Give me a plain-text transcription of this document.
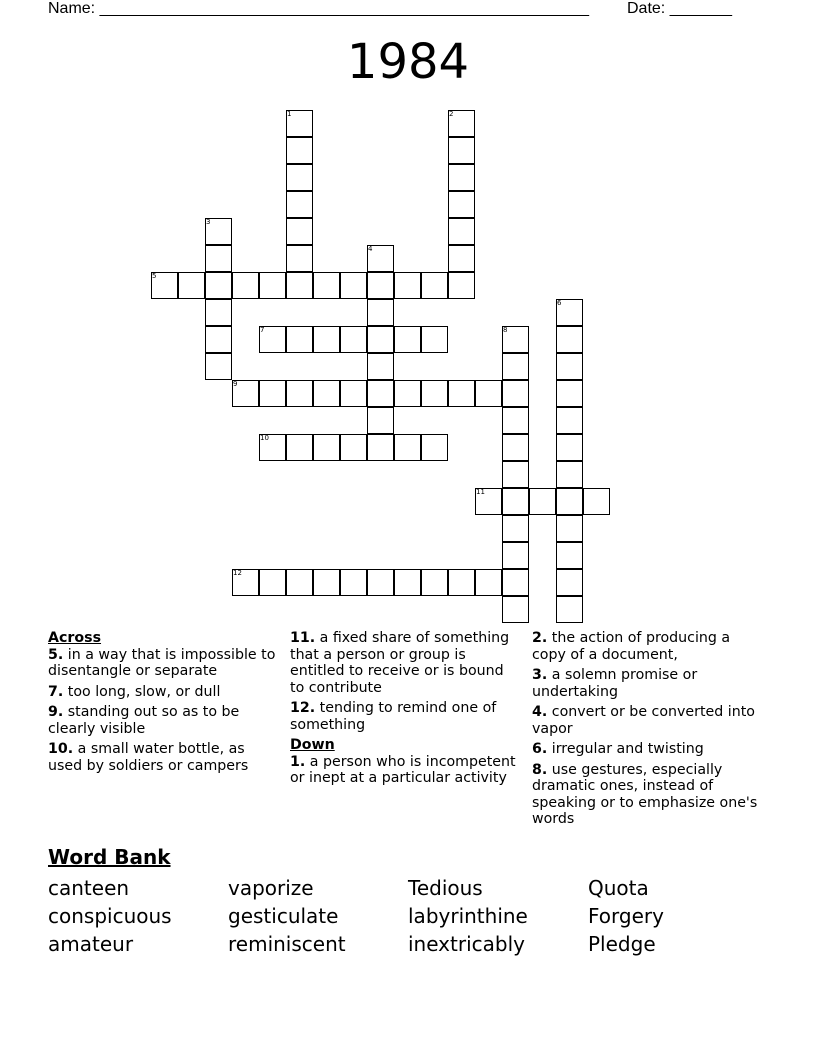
Name: _______________________________________________________ Date: _______
1984
1	2
3
4
5
6
7	8
9
10
11
12
Across
5. in a way that is impossible to disentangle or separate
7. too long, slow, or dull
9. standing out so as to be clearly visible
10. a small water bottle, as used by soldiers or campers
11. a fixed share of something that a person or group is entitled to receive or is bound to contribute
12. tending to remind one of something
Down
1. a person who is incompetent or inept at a particular activity
2. the action of producing a copy of a document,
3. a solemn promise or undertaking
4. convert or be converted into vapor
6. irregular and twisting
8. use gestures, especially dramatic ones, instead of speaking or to emphasize one's words
Word Bank
canteen	vaporize	Tedious	Quota
conspicuous	gesticulate	labyrinthine	Forgery
amateur	reminiscent	inextricably	Pledge
